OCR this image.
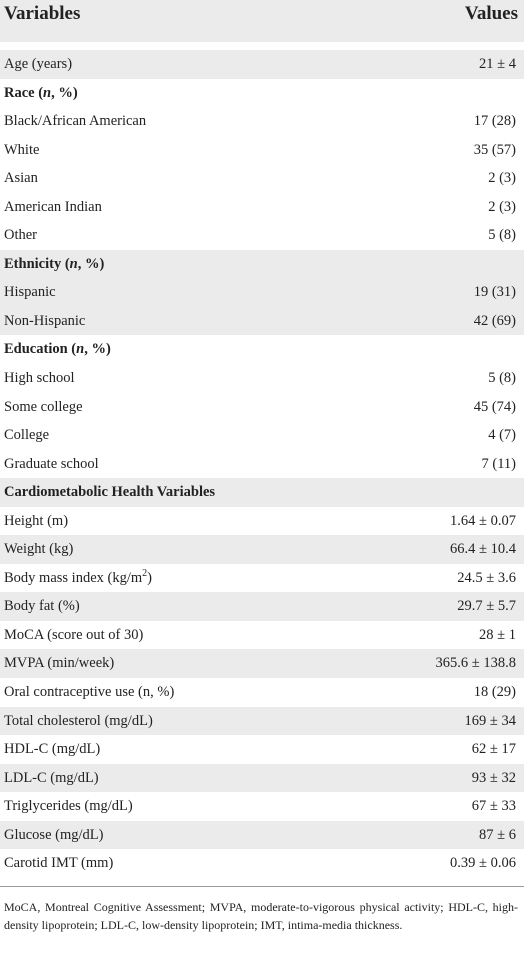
Variables	Values
Age (years)	21 ± 4
Race (n, %)
Black/African American	17 (28)
White	35 (57)
Asian	2 (3)
American Indian	2 (3)
Other	5 (8)
Ethnicity (n, %)
Hispanic	19 (31)
Non-Hispanic	42 (69)
Education (n, %)
High school	5 (8)
Some college	45 (74)
College	4 (7)
Graduate school	7 (11)
Cardiometabolic Health Variables
Height (m)	1.64 ± 0.07
Weight (kg)	66.4 ± 10.4
Body mass index $(kg/m^2)$	24.5 ± 3.6
Body fat (%)	29.7 ± 5.7
MoCA (score out of 30)	28 ± 1
MVPA (min/week)	365.6 ± 138.8
Oral contraceptive use (n, %)	18 (29)
Total cholesterol (mg/dL)	169 ± 34
HDL-C (mg/dL)	62 ± 17
LDL-C (mg/dL)	93 ± 32
Triglycerides (mg/dL)	67 ± 33
Glucose (mg/dL)	87 ± 6
Carotid IMT (mm)	0.39 ± 0.06
MoCA, Montreal Cognitive Assessment; MVPA, moderate-to-vigorous physical activity; HDL-C, high-density lipoprotein; LDL-C, low-density lipoprotein; IMT, intima-media thickness.
